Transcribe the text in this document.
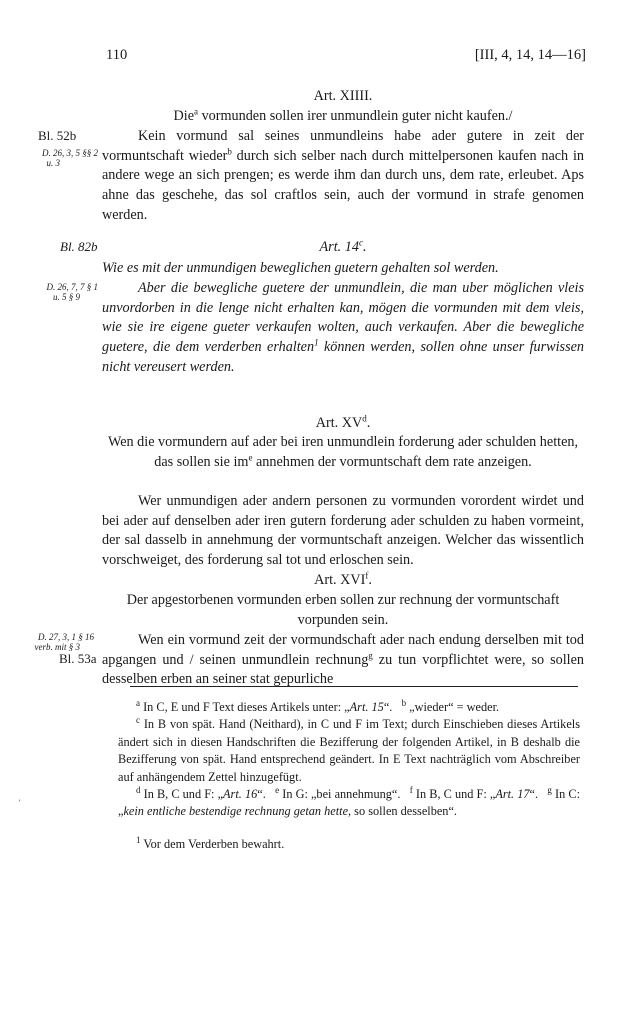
110	[III, 4, 14, 14—16]
Art. XIIII.
Die$^a$ vormunden sollen irer unmundlein guter nicht kaufen./
Bl. 52b
D. 26, 3, 5 §§ 2
u. 3
Kein vormund sal seines unmundleins habe ader gutere in zeit der vormuntschaft wieder$^b$ durch sich selber nach durch mittelpersonen kaufen nach in andere wege an sich prengen; es werde ihm dan durch uns, dem rate, erleubet. Aps ahne das geschehe, das sol craftlos sein, auch der vormund in strafe genomen werden.
Bl. 82b	Art. 14$^c$.
Wie es mit der unmundigen beweglichen guetern gehalten sol werden.
D. 26, 7, 7 § 1
u. 5 § 9
Aber die bewegliche guetere der unmundlein, die man uber möglichen vleis unvordorben in die lenge nicht erhalten kan, mögen die vormunden mit dem vleis, wie sie ire eigene gueter verkaufen wolten, auch verkaufen. Aber die bewegliche guetere, die dem verderben erhalten$^1$ können werden, sollen ohne unser furwissen nicht vereusert werden.
Art. $XV^d$.
Wen die vormundern auf ader bei iren unmundlein forderung ader schulden hetten, das sollen sie $im^e$ annehmen der vormuntschaft dem rate anzeigen.
Wer unmundigen ader andern personen zu vormunden vorordent wirdet und bei ader auf denselben ader iren gutern forderung ader schulden zu haben vormeint, der sal dasselb in annehmung der vormuntschaft anzeigen. Welcher das wissentlich vorschweiget, des forderung sal tot und erloschen sein.
Art. XVI$^f$.
Der apgestorbenen vormunden erben sollen zur rechnung der vormuntschaft vorpunden sein.
D. 27, 3, 1 § 16
verb. mit § 3
Bl. 53a
Wen ein vormund zeit der vormundschaft ader nach endung derselben mit tod apgangen und / seinen unmundlein rechnung$^g$ zu tun vorpflichtet were, so sollen desselben erben an seiner stat gepurliche

$^a$ In C, E und F Text dieses Artikels unter: „Art. 15“.   $^b$ „wieder“ = weder.

$^c$ In B von spät. Hand (Neithard), in C und F im Text; durch Einschieben dieses Artikels ändert sich in diesen Handschriften die Bezifferung der folgenden Artikel, in B deshalb die Bezifferung von spät. Hand entsprechend geändert. In E Text nachträglich vom Abschreiber auf anhängendem Zettel hinzugefügt.

$^d$ In B, C und F: „Art. 16“.   $^e$ In G: „bei annehmung“.   $^f$ In B, C und F: „Art. 17“.   $^g$ In C: „kein entliche bestendige rechnung getan hette, so sollen desselben“.

$^1$ Vor dem Verderben bewahrt.

’
